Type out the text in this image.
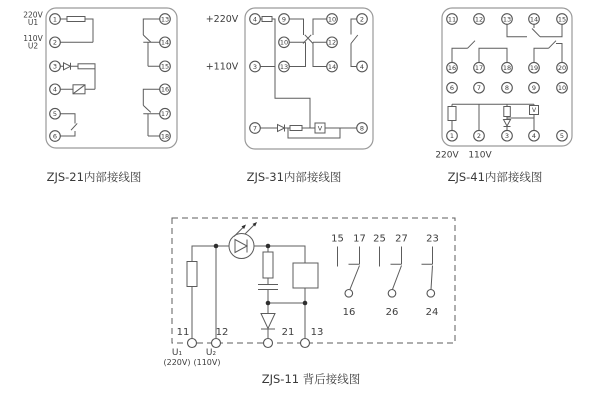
220V
U1
110V
U2
1
2
3
4
5
6
13
14
15
16
17
18
ZJS-21内部接线图
+220V
+110V
V
4	9	10	2
10	12
3	13	14	4
7	8
ZJS-31内部接线图
V
11	12	13	14	15
16	17	18	19	20
6	7	8	9	10
1	2	3	4	5
220V 110V
ZJS-41内部接线图
15 17 25 27 23
16	26	24
11	12	21 13
U₁
(220V)
U₂
(110V)
ZJS-11 背后接线图
